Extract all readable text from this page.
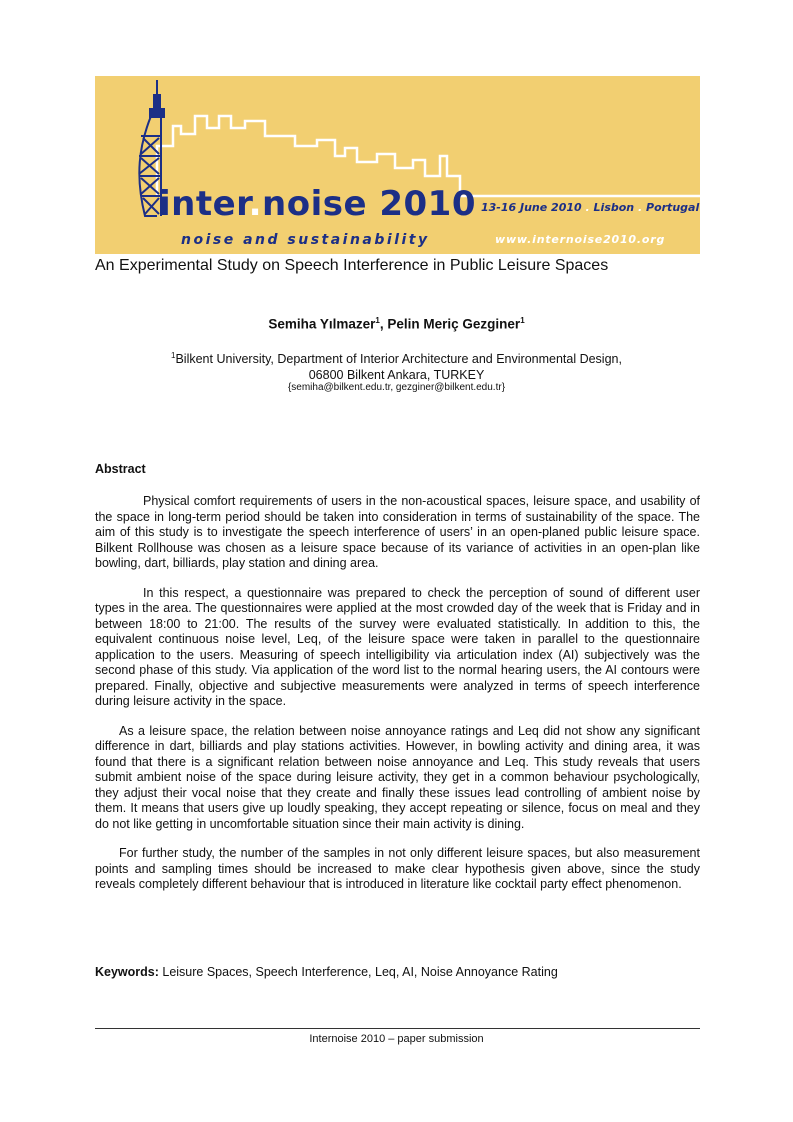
inter.noise 2010
noise and sustainability
13-16 June 2010 . Lisbon . Portugal
www.internoise2010.org
An Experimental Study on Speech Interference in Public Leisure Spaces
Semiha Yılmazer$^1$, Pelin Meriç Gezginer$^1$
$^1$Bilkent University, Department of Interior Architecture and Environmental Design,
06800 Bilkent Ankara, TURKEY
{semiha@bilkent.edu.tr, gezginer@bilkent.edu.tr}
Abstract

Physical comfort requirements of users in the non-acoustical spaces, leisure space, and usability of the space in long-term period should be taken into consideration in terms of sustainability of the space. The aim of this study is to investigate the speech interference of users’ in an open-planed public leisure space. Bilkent Rollhouse was chosen as a leisure space because of its variance of activities in an open-plan like bowling, dart, billiards, play station and dining area.

In this respect, a questionnaire was prepared to check the perception of sound of different user types in the area. The questionnaires were applied at the most crowded day of the week that is Friday and in between 18:00 to 21:00. The results of the survey were evaluated statistically. In addition to this, the equivalent continuous noise level, Leq, of the leisure space were taken in parallel to the questionnaire application to the users. Measuring of speech intelligibility via articulation index (AI) subjectively was the second phase of this study. Via application of the word list to the normal hearing users, the AI contours were prepared. Finally, objective and subjective measurements were analyzed in terms of speech interference during leisure activity in the space.

As a leisure space, the relation between noise annoyance ratings and Leq did not show any significant difference in dart, billiards and play stations activities. However, in bowling activity and dining area, it was found that there is a significant relation between noise annoyance and Leq. This study reveals that users submit ambient noise of the space during leisure activity, they get in a common behaviour psychologically, they adjust their vocal noise that they create and finally these issues lead controlling of ambient noise by them. It means that users give up loudly speaking, they accept repeating or silence, focus on meal and they do not like getting in uncomfortable situation since their main activity is dining.

For further study, the number of the samples in not only different leisure spaces, but also measurement points and sampling times should be increased to make clear hypothesis given above, since the study reveals completely different behaviour that is introduced in literature like cocktail party effect phenomenon.

Keywords: Leisure Spaces, Speech Interference, Leq, AI, Noise Annoyance Rating
Internoise 2010 – paper submission
